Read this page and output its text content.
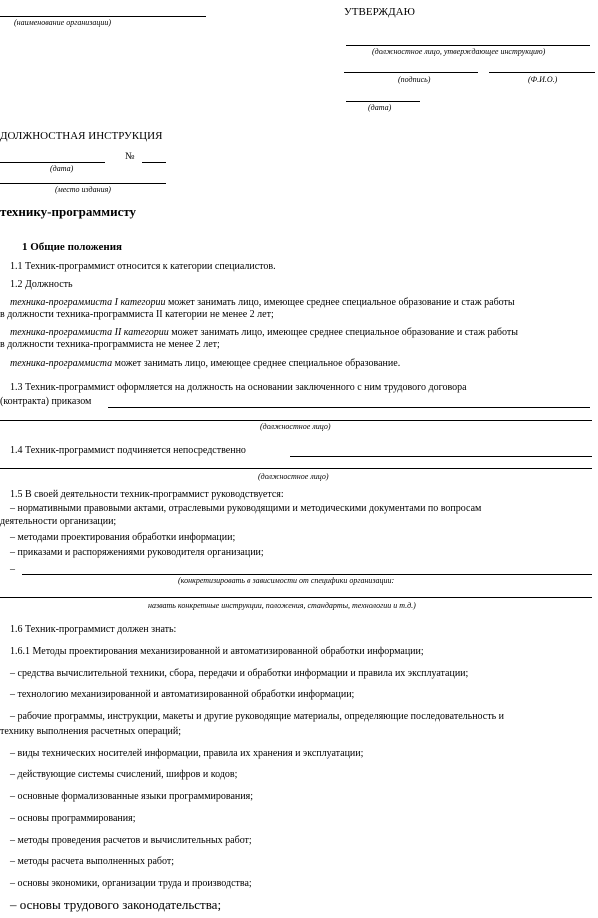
(наименование организации)
УТВЕРЖДАЮ
(должностное лицо, утверждающее инструкцию)
(подпись)	(Ф.И.О.)
(дата)
ДОЛЖНОСТНАЯ ИНСТРУКЦИЯ
№
(дата)
(место издания)
технику-программисту
1 Общие положения
1.1 Техник-программист относится к категории специалистов.
1.2 Должность
техника-программиста I категории может занимать лицо, имеющее среднее специальное образование и стаж работы
в должности техника-программиста II категории не менее 2 лет;
техника-программиста II категории может занимать лицо, имеющее среднее специальное образование и стаж работы
в должности техника-программиста не менее 2 лет;
техника-программиста может занимать лицо, имеющее среднее специальное образование.
1.3 Техник-программист оформляется на должность на основании заключенного с ним трудового договора
(контракта) приказом
(должностное лицо)
1.4 Техник-программист подчиняется непосредственно
(должностное лицо)
1.5 В своей деятельности техник-программист руководствуется:
– нормативными правовыми актами, отраслевыми руководящими и методическими документами по вопросам
деятельности организации;
– методами проектирования обработки информации;
– приказами и распоряжениями руководителя организации;
–
(конкретизировать в зависимости от специфики организации:
назвать конкретные инструкции, положения, стандарты, технологии и т.д.)
1.6 Техник-программист должен знать:
1.6.1 Методы проектирования механизированной и автоматизированной обработки информации;
– средства вычислительной техники, сбора, передачи и обработки информации и правила их эксплуатации;
– технологию механизированной и автоматизированной обработки информации;
– рабочие программы, инструкции, макеты и другие руководящие материалы, определяющие последовательность и
технику выполнения расчетных операций;
– виды технических носителей информации, правила их хранения и эксплуатации;
– действующие системы счислений, шифров и кодов;
– основные формализованные языки программирования;
– основы программирования;
– методы проведения расчетов и вычислительных работ;
– методы расчета выполненных работ;
– основы экономики, организации труда и производства;
– основы трудового законодательства;
